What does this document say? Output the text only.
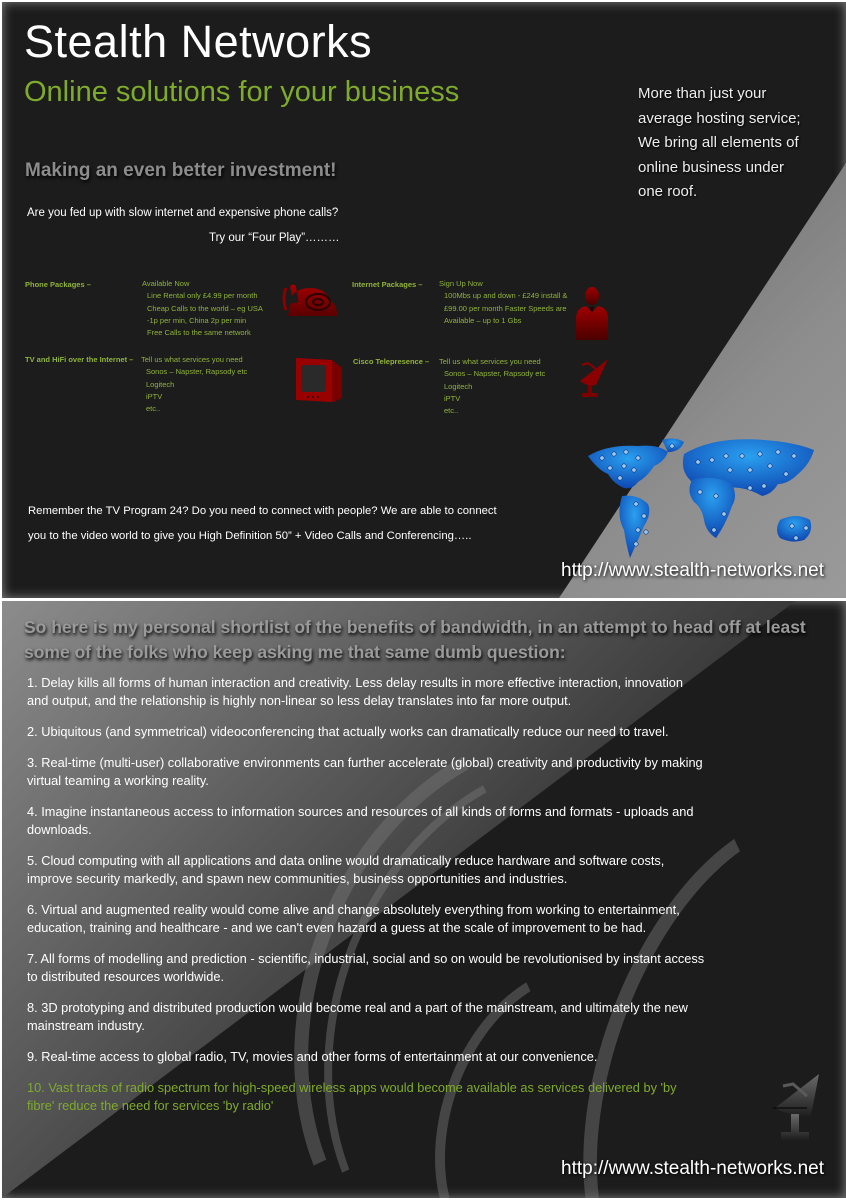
Stealth Networks
Online solutions for your business	More than just your
average hosting service;
We bring all elements of
online business under
one roof.
Making an even better investment!
Are you fed up with slow internet and expensive phone calls?
Try our “Four Play”………
Phone Packages –	Available Now
Line Rental only £4.99 per month
Cheap Calls to the world – eg USA
-1p per min, China 2p per min
Free Calls to the same network
Internet Packages – Sign Up Now
100Mbs up and down - £249 install &
£99.00 per month Faster Speeds are
Available – up to 1 Gbs
TV and HiFi over the Internet – Tell us what services you need
Sonos – Napster, Rapsody etc
Logitech
iPTV
etc..
Cisco Telepresence – Tell us what services you need
Sonos – Napster, Rapsody etc
Logitech
iPTV
etc..
Remember the TV Program 24? Do you need to connect with people? We are able to connect
you to the video world to give you High Definition 50” + Video Calls and Conferencing…..
http://www.stealth-networks.net
So here is my personal shortlist of the benefits of bandwidth, in an attempt to head off at least some of the folks who keep asking me that same dumb question:
1. Delay kills all forms of human interaction and creativity. Less delay results in more effective interaction, innovation and output, and the relationship is highly non-linear so less delay translates into far more output.
2. Ubiquitous (and symmetrical) videoconferencing that actually works can dramatically reduce our need to travel.
3. Real-time (multi-user) collaborative environments can further accelerate (global) creativity and productivity by making virtual teaming a working reality.
4. Imagine instantaneous access to information sources and resources of all kinds of forms and formats - uploads and downloads.
5. Cloud computing with all applications and data online would dramatically reduce hardware and software costs, improve security markedly, and spawn new communities, business opportunities and industries.
6. Virtual and augmented reality would come alive and change absolutely everything from working to entertainment, education, training and healthcare - and we can't even hazard a guess at the scale of improvement to be had.
7. All forms of modelling and prediction - scientific, industrial, social and so on would be revolutionised by instant access to distributed resources worldwide.
8. 3D prototyping and distributed production would become real and a part of the mainstream, and ultimately the new mainstream industry.
9. Real-time access to global radio, TV, movies and other forms of entertainment at our convenience.
10. Vast tracts of radio spectrum for high-speed wireless apps would become available as services delivered by 'by fibre' reduce the need for services 'by radio'
http://www.stealth-networks.net
